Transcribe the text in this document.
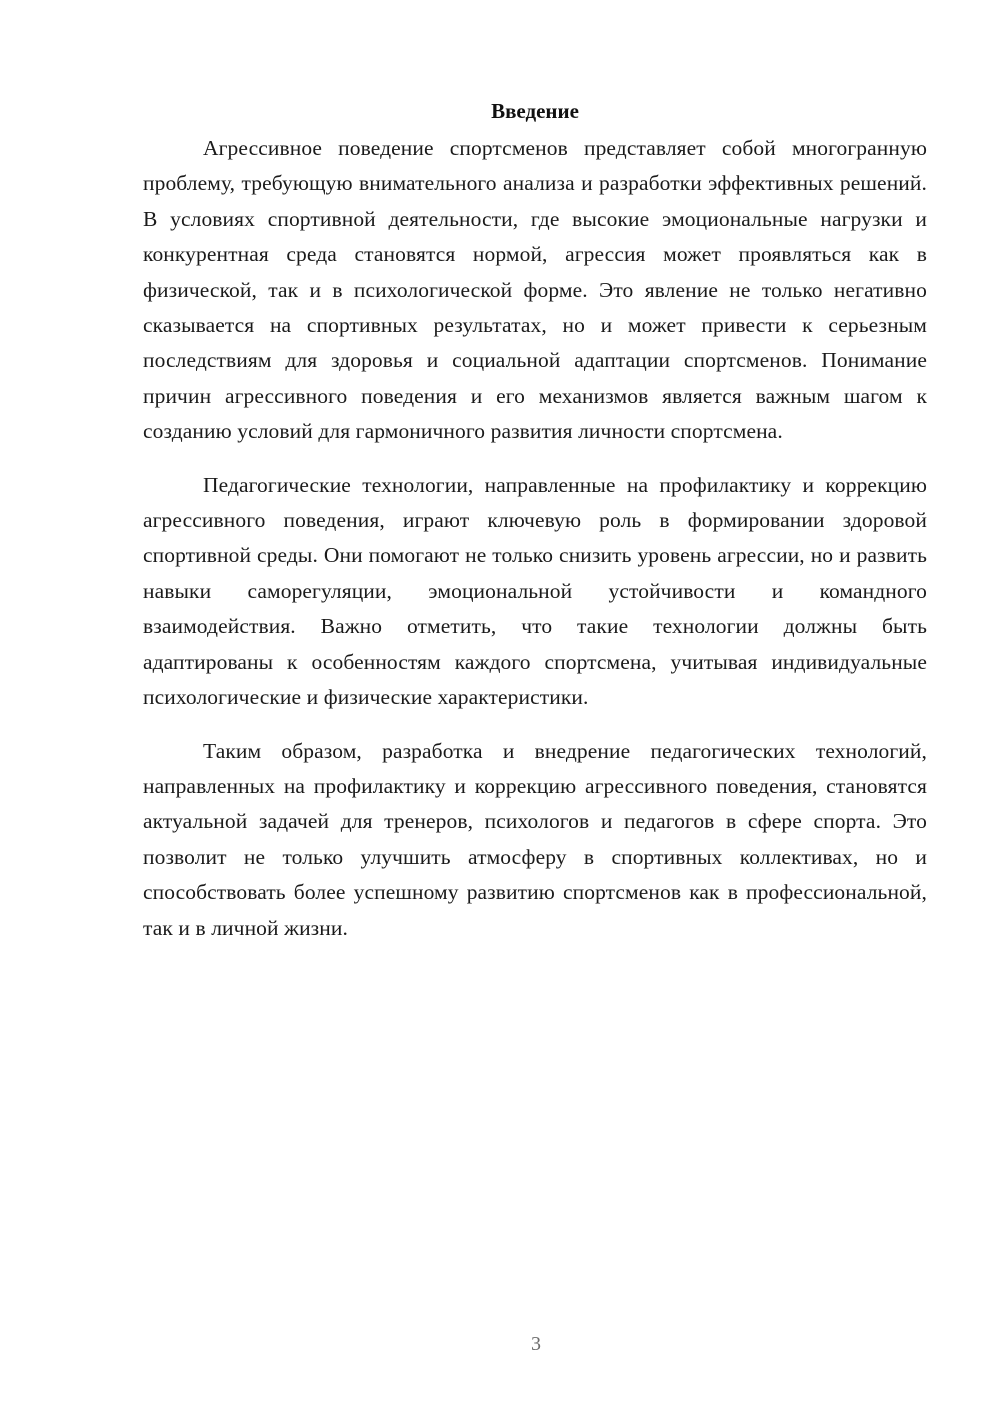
Введение

Агрессивное поведение спортсменов представляет собой многогранную проблему, требующую внимательного анализа и разработки эффективных решений. В условиях спортивной деятельности, где высокие эмоциональные нагрузки и конкурентная среда становятся нормой, агрессия может проявляться как в физической, так и в психологической форме. Это явление не только негативно сказывается на спортивных результатах, но и может привести к серьезным последствиям для здоровья и социальной адаптации спортсменов. Понимание причин агрессивного поведения и его механизмов является важным шагом к созданию условий для гармоничного развития личности спортсмена.

Педагогические технологии, направленные на профилактику и коррекцию агрессивного поведения, играют ключевую роль в формировании здоровой спортивной среды. Они помогают не только снизить уровень агрессии, но и развить навыки саморегуляции, эмоциональной устойчивости и командного взаимодействия. Важно отметить, что такие технологии должны быть адаптированы к особенностям каждого спортсмена, учитывая индивидуальные психологические и физические характеристики.

Таким образом, разработка и внедрение педагогических технологий, направленных на профилактику и коррекцию агрессивного поведения, становятся актуальной задачей для тренеров, психологов и педагогов в сфере спорта. Это позволит не только улучшить атмосферу в спортивных коллективах, но и способствовать более успешному развитию спортсменов как в профессиональной, так и в личной жизни.

3
